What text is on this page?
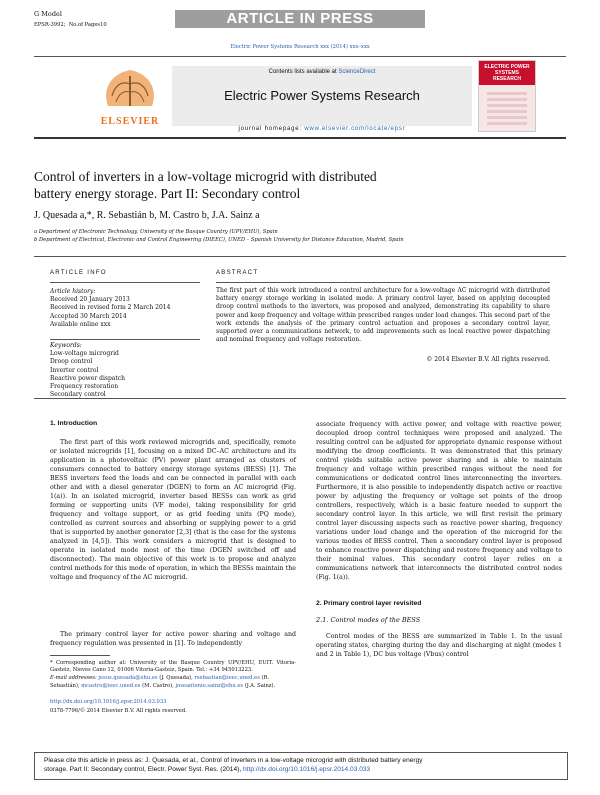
G Model
EPSR-3992; No.of Pages10	ARTICLE IN PRESS
Electric Power Systems Research xxx (2014) xxx–xxx
ELSEVIER
Contents lists available at ScienceDirect
Electric Power Systems Research
journal homepage: www.elsevier.com/locate/epsr
ELECTRIC POWER
SYSTEMS RESEARCH
Control of inverters in a low-voltage microgrid with distributed
battery energy storage. Part II: Secondary control
J. Quesada a,*, R. Sebastián b, M. Castro b, J.A. Sainz a
a Department of Electronic Technology, University of the Basque Country (UPV/EHU), Spain
b Department of Electrical, Electronic and Control Engineering (DIEEC), UNED – Spanish University for Distance Education, Madrid, Spain
ARTICLE INFO
Article history:
Received 20 January 2013
Received in revised form 2 March 2014
Accepted 30 March 2014
Available online xxx
Keywords:
Low-voltage microgrid
Droop control
Inverter control
Reactive power dispatch
Frequency restoration
Secondary control
ABSTRACT
The first part of this work introduced a control architecture for a low-voltage AC microgrid with distributed battery energy storage working in isolated mode. A primary control layer, based on applying decoupled droop control methods to the inverters, was proposed and analyzed, demonstrating its capability to share power and keep frequency and voltage within prescribed ranges under load changes. This second part of the work extends the analysis of the primary control actuation and proposes a secondary control layer, supported over a communications network, to add improvements such as local reactive power dispatching and nominal frequency and voltage restoration.
© 2014 Elsevier B.V. All rights reserved.
1. Introduction
The first part of this work reviewed microgrids and, specifically, remote or isolated microgrids [1], focusing on a mixed DC–AC architecture and its application in a photovoltaic (PV) power plant arranged as clusters of consumers connected to battery energy storage systems (BESS) [1]. The BESS inverters feed the loads and can be connected in parallel with each other and with a diesel generator (DGEN) to form an AC microgrid (Fig. 1(a)). In an isolated microgrid, inverter based BESSs can work as grid forming or supporting units (VF mode), taking responsibility for grid frequency and voltage support, or as grid feeding units (PQ mode), controlled as current sources and absorbing or supplying power to a grid that is supported by another generator [2,3] (that is the case for the systems analyzed in [4,5]). This work considers a microgrid that is designed to operate in isolated mode most of the time (DGEN switched off and disconnected). The main objective of this work is to propose and analyze control methods for this mode of operation, in which the BESSs maintain the voltage and frequency of the AC microgrid.
The primary control layer for active power sharing and voltage and frequency regulation was presented in [1]. To independently
* Corresponding author at: University of the Basque Country UPV/EHU, EUIT. Vitoria-Gasteiz, Nieves Cano 12, 01006 Vitoria-Gasteiz, Spain. Tel.: +34 945013223.
E-mail addresses: jesus.quesada@ehu.es (J. Quesada), rsebastian@ieec.uned.es (R. Sebastián), mcastro@ieec.uned.es (M. Castro), joseantonio.sainz@ehu.es (J.A. Sainz).
http://dx.doi.org/10.1016/j.epsr.2014.03.033
0378-7796/© 2014 Elsevier B.V. All rights reserved.
associate frequency with active power, and voltage with reactive power, decoupled droop control techniques were proposed and analyzed. The resulting control can be adjusted for appropriate dynamic response without modifying the droop coefficients. It was demonstrated that this primary control yields suitable active power sharing and is able to maintain frequency and voltage within prescribed ranges without the need for communications or dedicated control lines interconnecting the inverters. Furthermore, it is also possible to independently dispatch active or reactive power by adjusting the frequency or voltage set points of the droop controllers, respectively, which is a basic feature needed to support the secondary control layer. In this article, we will first revisit the primary control layer discussing aspects such as reactive power sharing, frequency variations under load change and the operation of the microgrid for the various modes of BESS control. Then a secondary control layer is proposed to enhance reactive power dispatching and restore frequency and voltage to their nominal values. This secondary control layer relies on a communications network that interconnects the distributed control nodes (Fig. 1(a)).
2. Primary control layer revisited
2.1. Control modes of the BESS
Control modes of the BESS are summarized in Table 1. In the usual operating states, charging during the day and discharging at night (modes 1 and 2 in Table 1), DC bus voltage (Vbus) control
Please cite this article in press as: J. Quesada, et al., Control of inverters in a low-voltage microgrid with distributed battery energy
storage. Part II: Secondary control, Electr. Power Syst. Res. (2014), http://dx.doi.org/10.1016/j.epsr.2014.03.033
